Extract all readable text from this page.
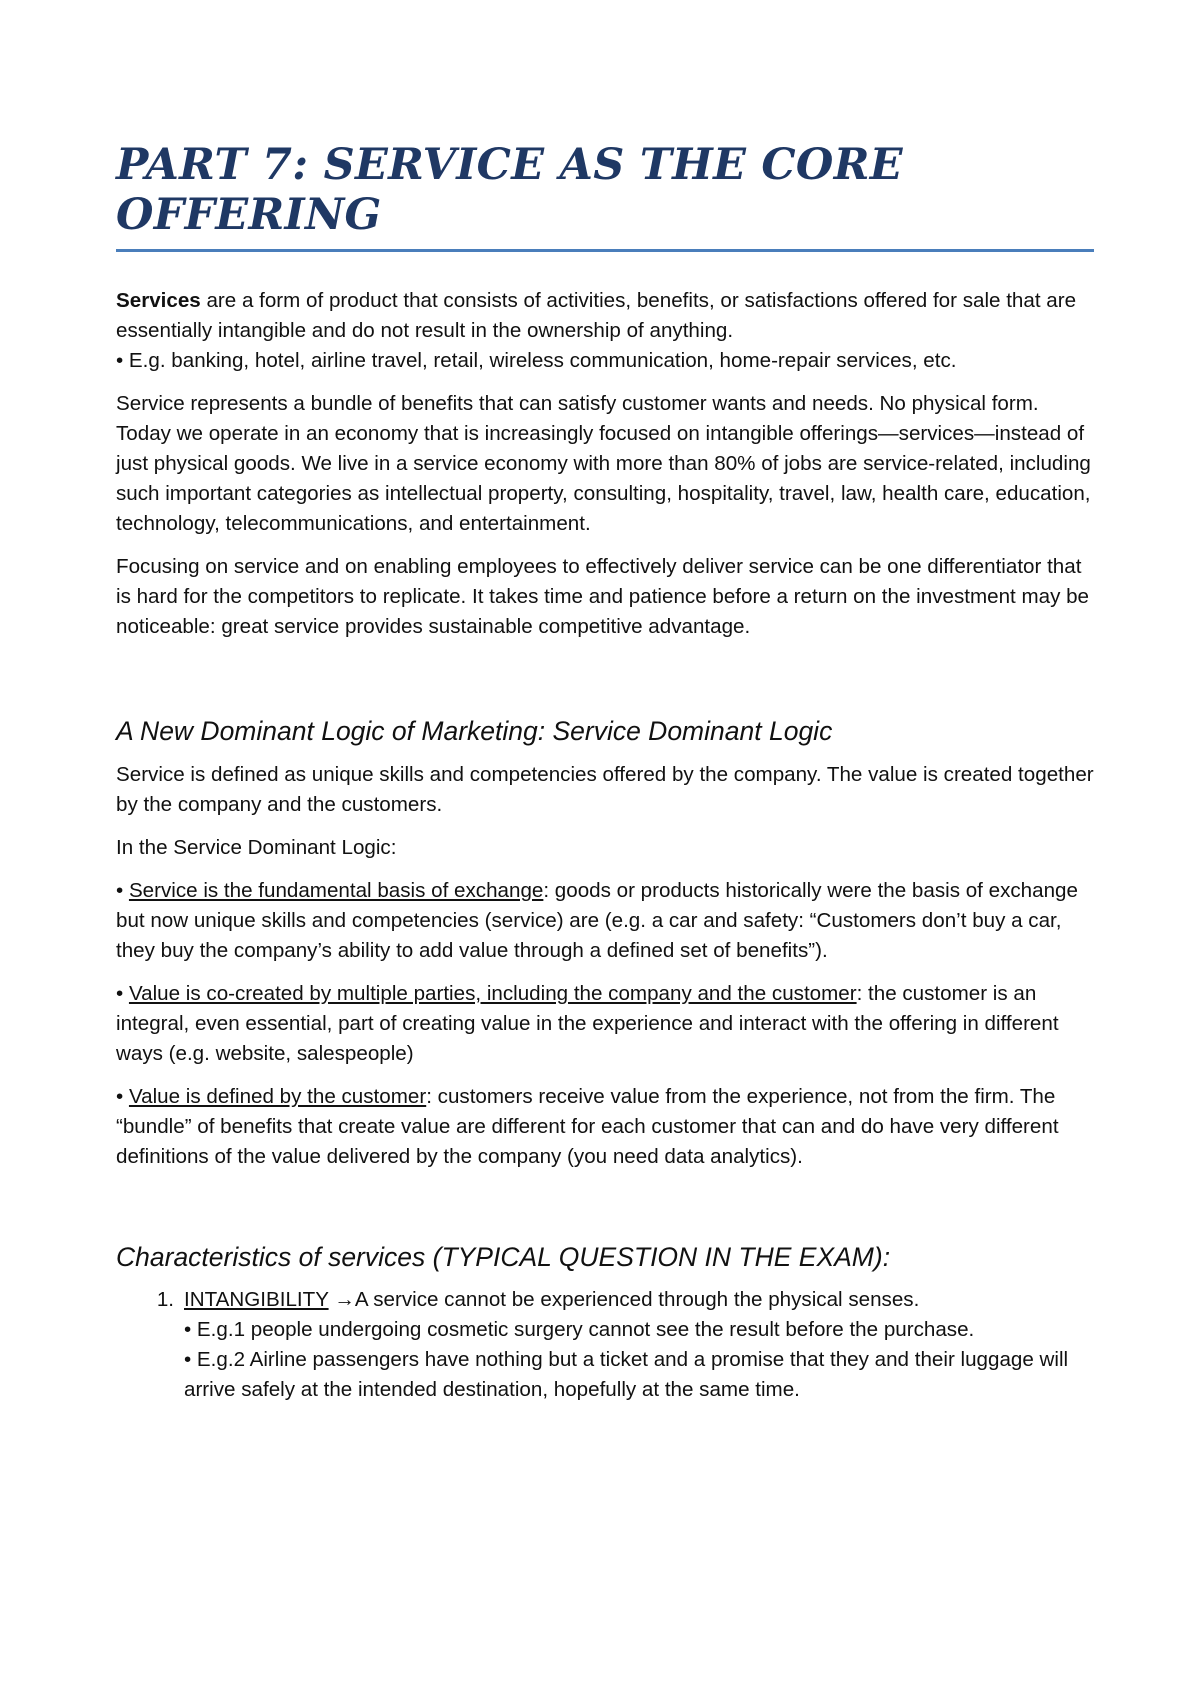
PART 7: SERVICE AS THE CORE OFFERING

Services are a form of product that consists of activities, benefits, or satisfactions offered for sale that are essentially intangible and do not result in the ownership of anything.

• E.g. banking, hotel, airline travel, retail, wireless communication, home-repair services, etc.

Service represents a bundle of benefits that can satisfy customer wants and needs. No physical form. Today we operate in an economy that is increasingly focused on intangible offerings—services—instead of just physical goods. We live in a service economy with more than 80% of jobs are service-related, including such important categories as intellectual property, consulting, hospitality, travel, law, health care, education, technology, telecommunications, and entertainment.

Focusing on service and on enabling employees to effectively deliver service can be one differentiator that is hard for the competitors to replicate. It takes time and patience before a return on the investment may be noticeable: great service provides sustainable competitive advantage.

A New Dominant Logic of Marketing: Service Dominant Logic

Service is defined as unique skills and competencies offered by the company. The value is created together by the company and the customers.

In the Service Dominant Logic:

• Service is the fundamental basis of exchange: goods or products historically were the basis of exchange but now unique skills and competencies (service) are (e.g. a car and safety: “Customers don’t buy a car, they buy the company’s ability to add value through a defined set of benefits”).

• Value is co-created by multiple parties, including the company and the customer: the customer is an integral, even essential, part of creating value in the experience and interact with the offering in different ways (e.g. website, salespeople)

• Value is defined by the customer: customers receive value from the experience, not from the firm. The “bundle” of benefits that create value are different for each customer that can and do have very different definitions of the value delivered by the company (you need data analytics).

Characteristics of services (TYPICAL QUESTION IN THE EXAM):
1. INTANGIBILITY →A service cannot be experienced through the physical senses.

• E.g.1 people undergoing cosmetic surgery cannot see the result before the purchase.

• E.g.2 Airline passengers have nothing but a ticket and a promise that they and their luggage will arrive safely at the intended destination, hopefully at the same time.
